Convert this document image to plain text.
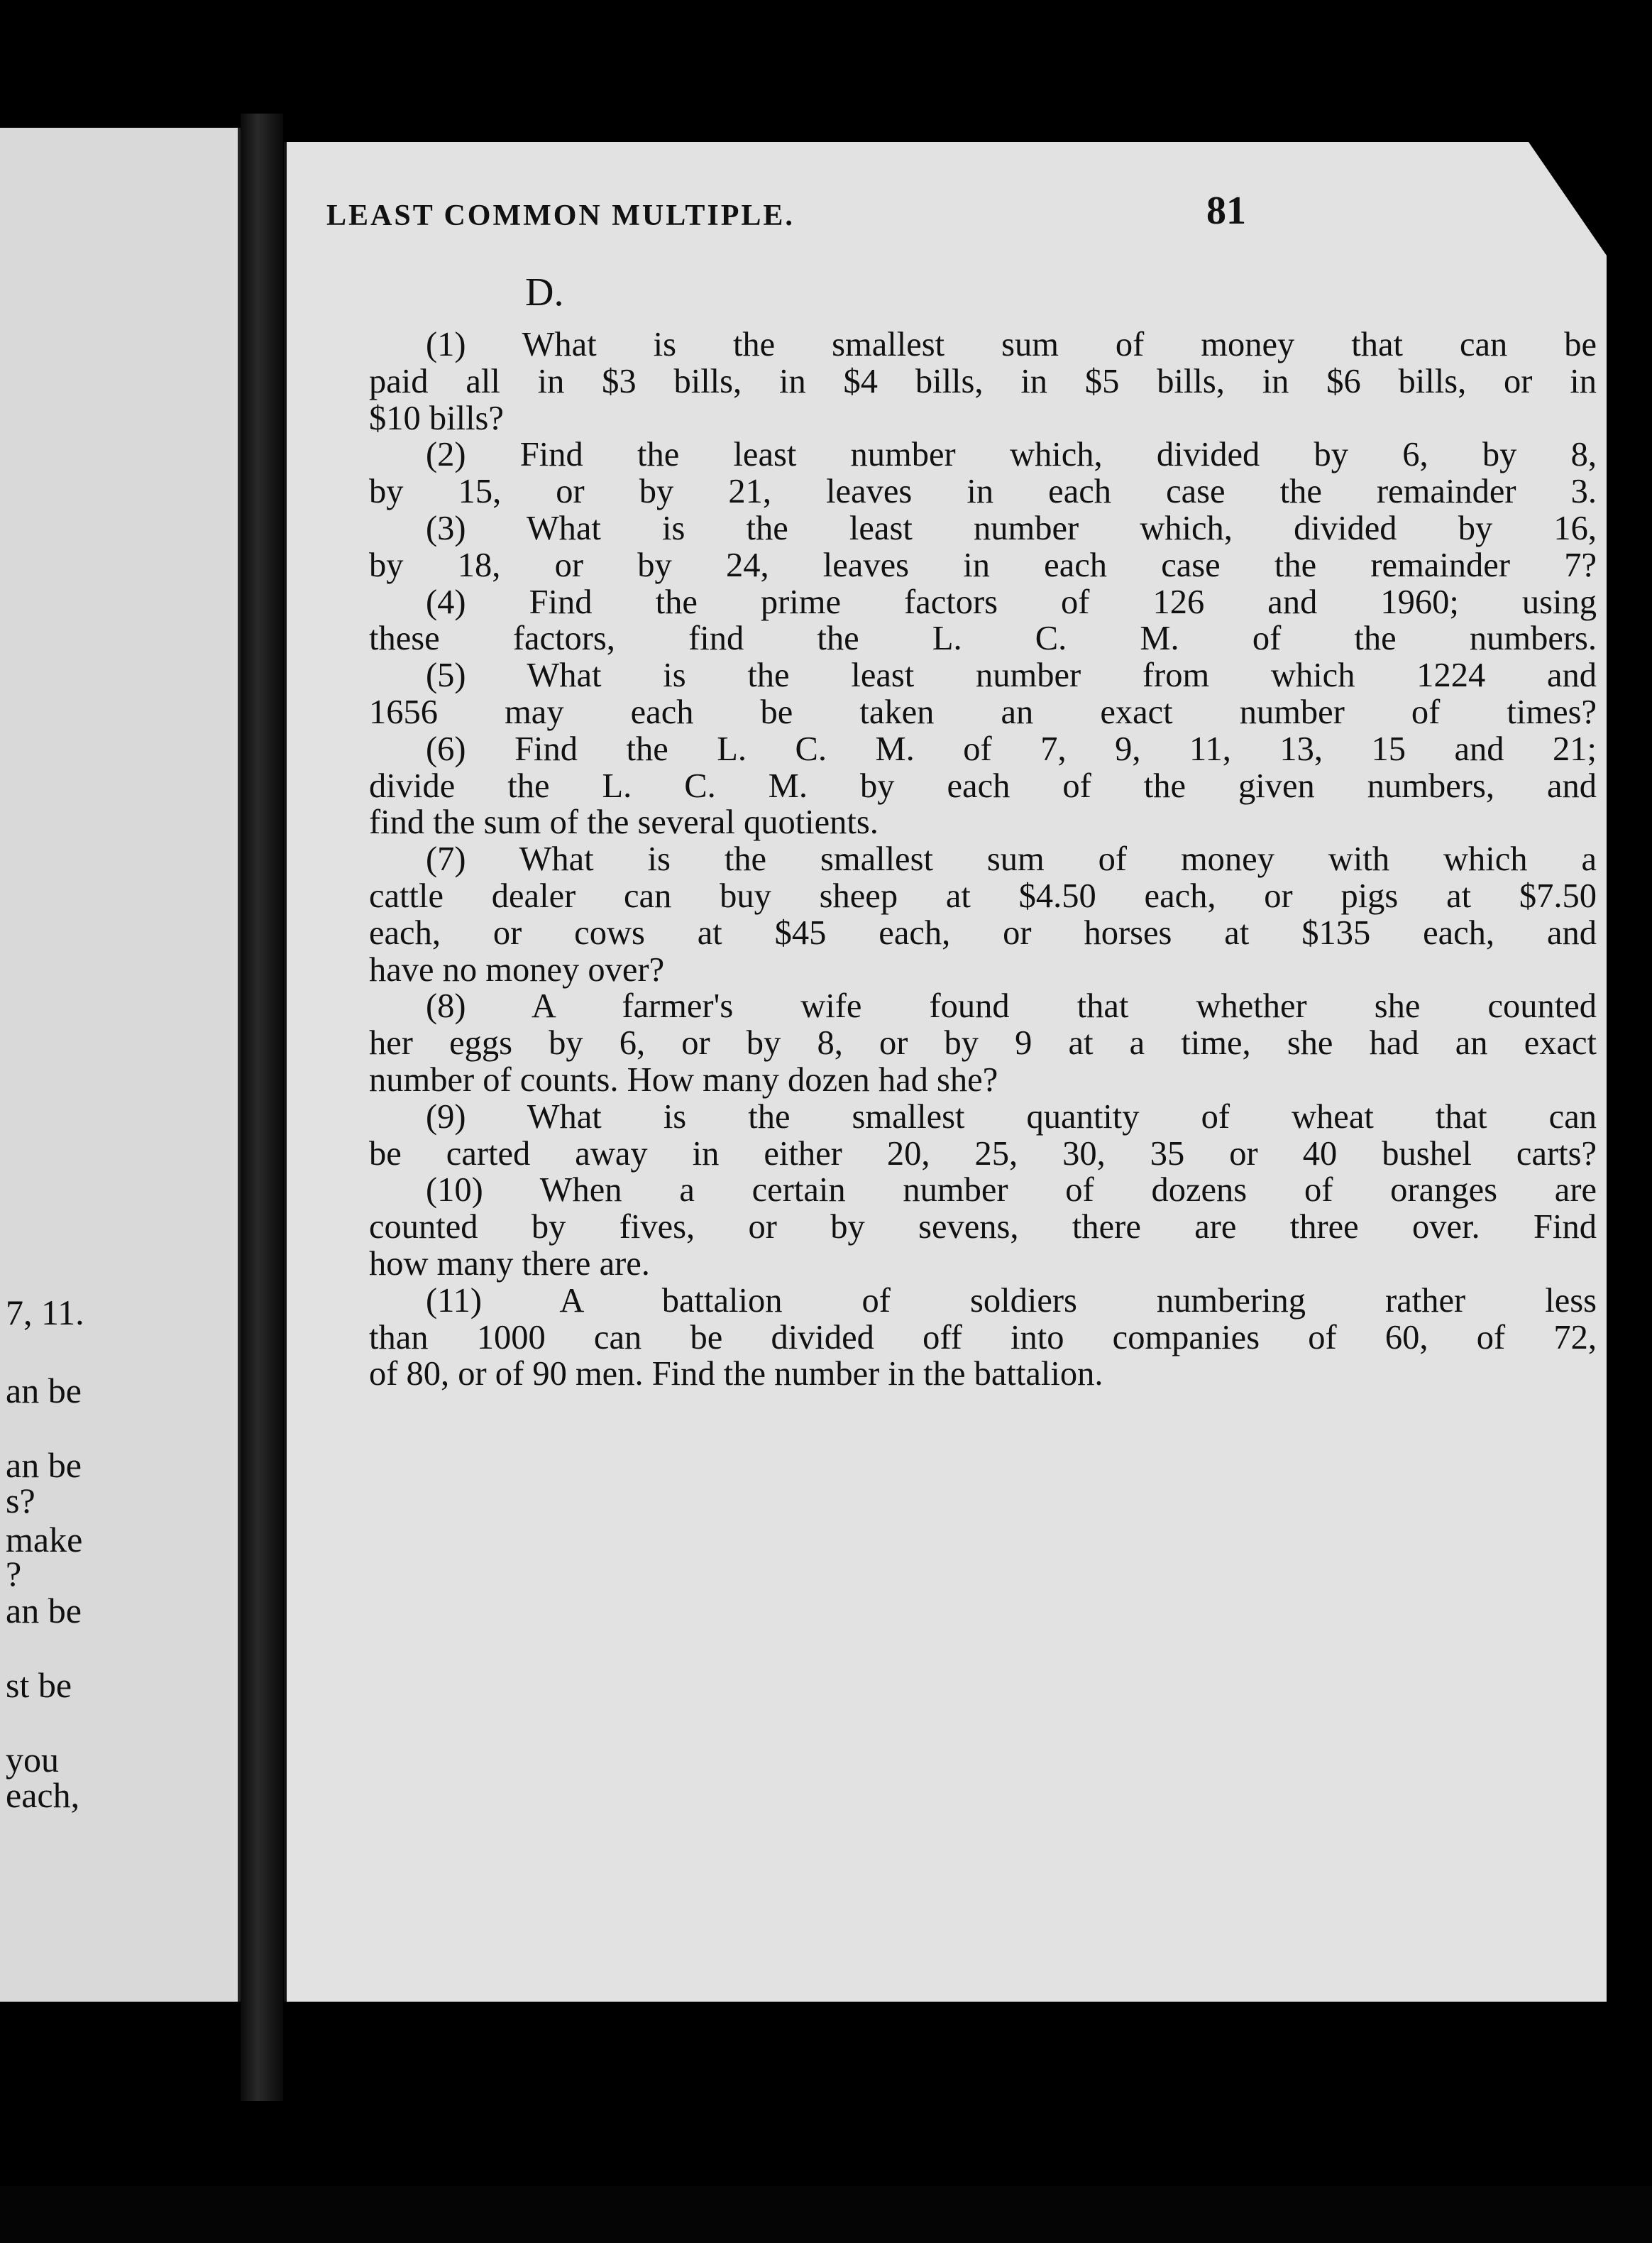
7, 11.
an be
an be
s?
make
?
an be
st be
you
each,
LEAST COMMON MULTIPLE.	81
D.
(1) What is the smallest sum of money that can be
paid all in $3 bills, in $4 bills, in $5 bills, in $6 bills, or in
$10 bills?
(2) Find the least number which, divided by 6, by 8,
by 15, or by 21, leaves in each case the remainder 3.
(3) What is the least number which, divided by 16,
by 18, or by 24, leaves in each case the remainder 7?
(4) Find the prime factors of 126 and 1960; using
these factors, find the L. C. M. of the numbers.
(5) What is the least number from which 1224 and
1656 may each be taken an exact number of times?
(6) Find the L. C. M. of 7, 9, 11, 13, 15 and 21;
divide the L. C. M. by each of the given numbers, and
find the sum of the several quotients.
(7) What is the smallest sum of money with which a
cattle dealer can buy sheep at $4.50 each, or pigs at $7.50
each, or cows at $45 each, or horses at $135 each, and
have no money over?
(8) A farmer's wife found that whether she counted
her eggs by 6, or by 8, or by 9 at a time, she had an exact
number of counts. How many dozen had she?
(9) What is the smallest quantity of wheat that can
be carted away in either 20, 25, 30, 35 or 40 bushel carts?
(10) When a certain number of dozens of oranges are
counted by fives, or by sevens, there are three over. Find
how many there are.
(11) A battalion of soldiers numbering rather less
than 1000 can be divided off into companies of 60, of 72,
of 80, or of 90 men. Find the number in the battalion.
